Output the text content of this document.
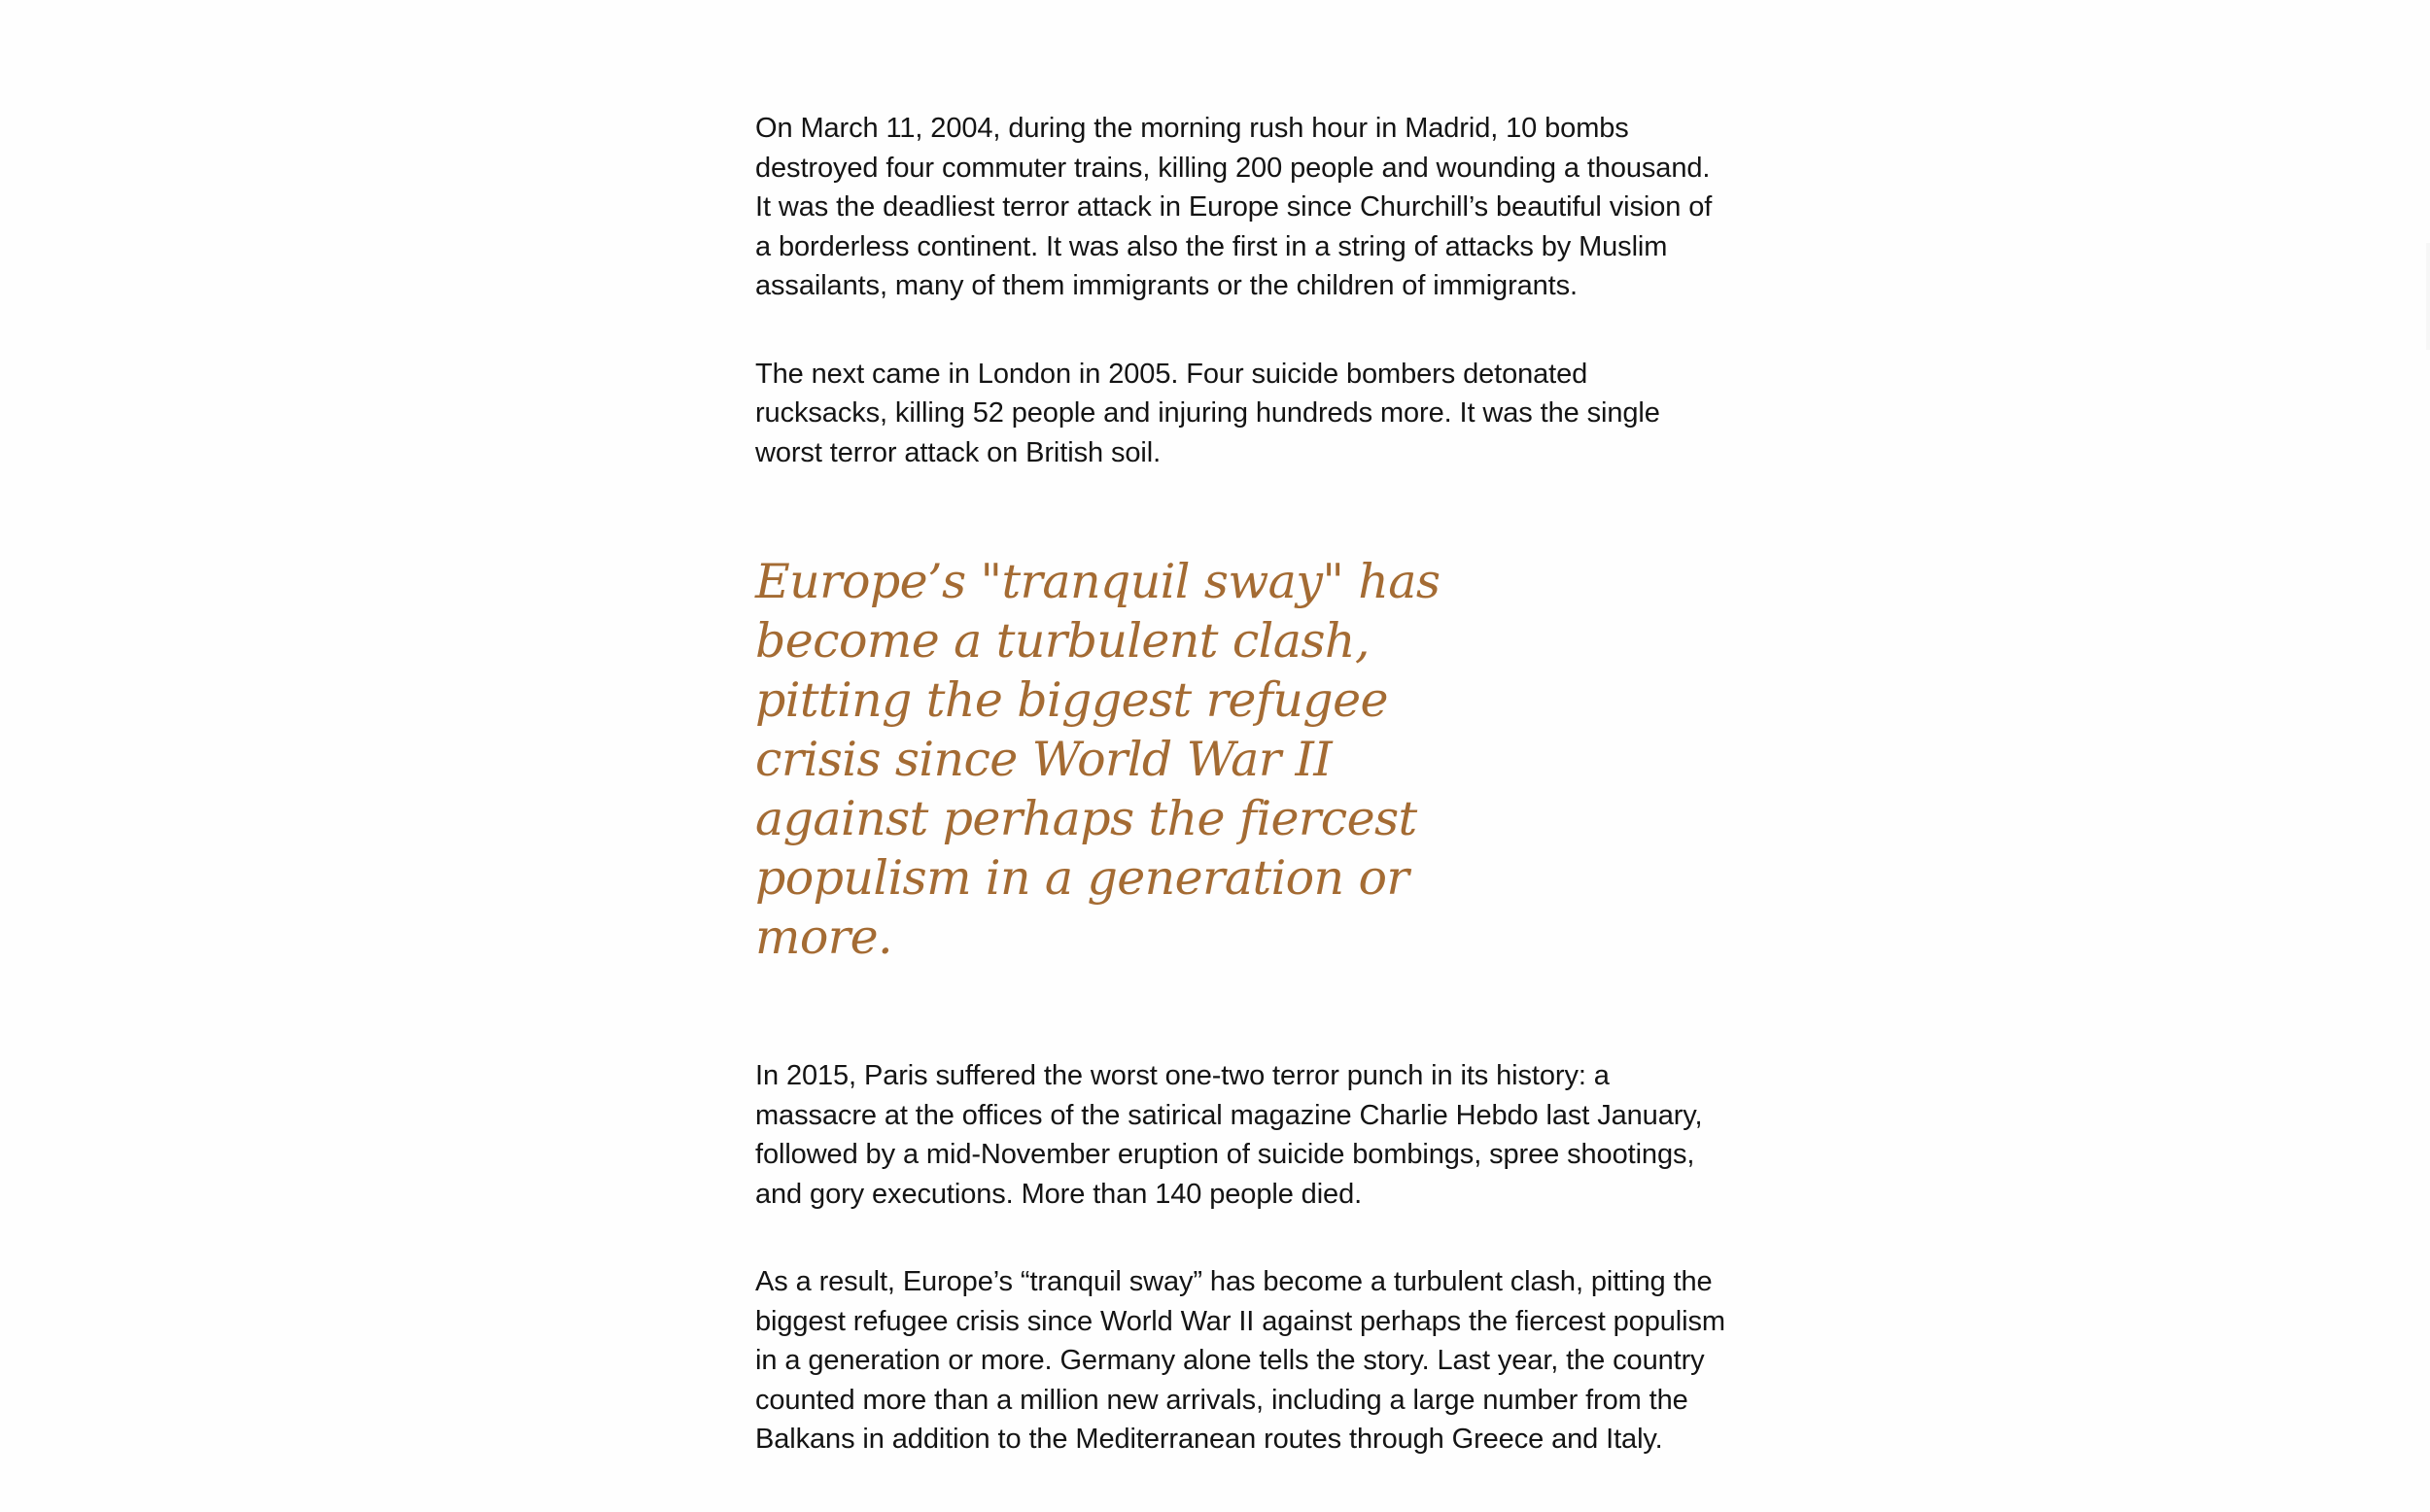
On March 11, 2004, during the morning rush hour in Madrid, 10 bombs destroyed four commuter trains, killing 200 people and wounding a thousand. It was the deadliest terror attack in Europe since Churchill’s beautiful vision of a borderless continent. It was also the first in a string of attacks by Muslim assailants, many of them immigrants or the children of immigrants.

The next came in London in 2005. Four suicide bombers detonated rucksacks, killing 52 people and injuring hundreds more. It was the single worst terror attack on British soil.

Europe’s "tranquil sway" has become a turbulent clash, pitting the biggest refugee crisis since World War II against perhaps the fiercest populism in a generation or more.

In 2015, Paris suffered the worst one-two terror punch in its history: a massacre at the offices of the satirical magazine Charlie Hebdo last January, followed by a mid-November eruption of suicide bombings, spree shootings, and gory executions. More than 140 people died.

As a result, Europe’s “tranquil sway” has become a turbulent clash, pitting the biggest refugee crisis since World War II against perhaps the fiercest populism in a generation or more. Germany alone tells the story. Last year, the country counted more than a million new arrivals, including a large number from the Balkans in addition to the Mediterranean routes through Greece and Italy.
